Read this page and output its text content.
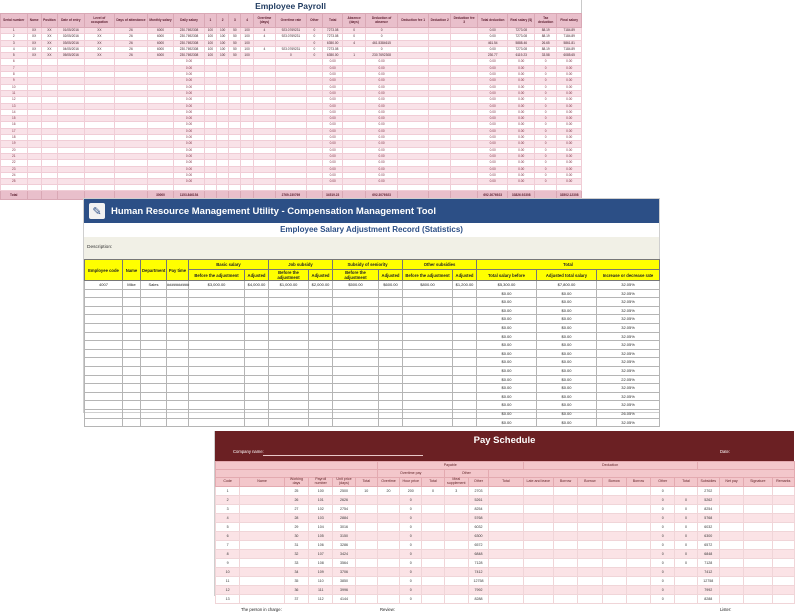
Employee Payroll
Serial number	Name	Position	Date of entry	Level of occupation	Days of attendance	Monthly salary	Daily salary	1	2	3	4	Overtime (days)	Overtime rate	Other	Total	Absence (days)	Deduction of absence	Deduction fee 1	Deduction 2	Deduction fee 3	Total deduction	Real salary ($)	Tax deduction	Final salary
1	XX	XX	01/05/2016	XX	26	6000	230.7692308	100	100	50	100	4	923.0769231	0	7273.08	0	0				0.00	7273.08	88.19	7184.89
2	XX	XX	02/05/2016	XX	26	6000	230.7692308	100	100	50	100	4	923.0769231	0	7273.08	0	0				0.00	7273.08	88.19	7184.89
3	XX	XX	03/05/2016	XX	26	6000	230.7692308	100	100	50	100			0	6350.00	4	461.5384615				461.54	5888.46	26.65	5861.81
4	XX	XX	04/05/2016	XX	26	6000	230.7692308	100	100	50	100	4	923.0769231	0	7273.08		0				0.00	7273.08	88.19	7184.89
5	XX	XX	05/05/2016	XX	26	6000	230.7692308	100	100	50	100		0	0	6350.00	1	230.7692308				230.77	6119.23	33.58	6085.65
6							0.00								0.00		0.00				0.00	0.00	0	0.00
7							0.00								0.00		0.00				0.00	0.00	0	0.00
8							0.00								0.00		0.00				0.00	0.00	0	0.00
9							0.00								0.00		0.00				0.00	0.00	0	0.00
10							0.00								0.00		0.00				0.00	0.00	0	0.00
11							0.00								0.00		0.00				0.00	0.00	0	0.00
12							0.00								0.00		0.00				0.00	0.00	0	0.00
13							0.00								0.00		0.00				0.00	0.00	0	0.00
14							0.00								0.00		0.00				0.00	0.00	0	0.00
15							0.00								0.00		0.00				0.00	0.00	0	0.00
16							0.00								0.00		0.00				0.00	0.00	0	0.00
17							0.00								0.00		0.00				0.00	0.00	0	0.00
18							0.00								0.00		0.00				0.00	0.00	0	0.00
19							0.00								0.00		0.00				0.00	0.00	0	0.00
20							0.00								0.00		0.00				0.00	0.00	0	0.00
21							0.00								0.00		0.00				0.00	0.00	0	0.00
22							0.00								0.00		0.00				0.00	0.00	0	0.00
23							0.00								0.00		0.00				0.00	0.00	0	0.00
24							0.00								0.00		0.00				0.00	0.00	0	0.00
25							0.00								0.00		0.00				0.00	0.00	0	0.00

Total						30000	1153.846154						2769.230769		34519.23		692.3076923				692.3076923	33826.92308		33502.12308
✎ Human Resource Management Utility - Compensation Management Tool
Employee Salary Adjustment Record (Statistics)
Description:
Employee code	Name	Department	Pay time	Basic salary		Job subsidy		Subsidy of seniority		Other subsidies		Total		
				Before the adjustment	Adjusted	Before the adjustment	Adjusted	Before the adjustment	Adjusted	Before the adjustment	Adjusted	Total salary before	Adjusted total salary	Increase or decrease rate
4007	Mike	Sales	##########	$3,000.00	$4,000.00	$1,000.00	$2,000.00	$500.00	$600.00	$800.00	$1,200.00	$5,300.00	$7,800.00	32.05%
												$0.00	$0.00	32.05%
												$0.00	$0.00	32.05%
												$0.00	$0.00	32.05%
												$0.00	$0.00	32.05%
												$0.00	$0.00	32.05%
												$0.00	$0.00	32.05%
												$0.00	$0.00	32.05%
												$0.00	$0.00	32.05%
												$0.00	$0.00	32.05%
												$0.00	$0.00	32.05%
												$0.00	$0.00	22.05%
												$0.00	$0.00	32.05%
												$0.00	$0.00	32.05%
												$0.00	$0.00	32.05%
												$0.00	$0.00	26.05%
												$0.00	$0.00	32.05%
Pay Schedule
Company name:	Date:
						Payable						Deduction										
						Overtime pay			Other													
Code	Name	Working days	Payroll number	Unit price (days)	Total	Overtime	Hour price	Total	Meal supplement	Other	Total	Late and leave	Borrow	Borrow	Borrow	Borrow	Other	Total	Subsidies	Net pay	Signature	Remarks
1		25	100	2500	10	20	200	0	3	2703							0		2702			
2		26	101	2626			0			5261							0	0	5262			
3		27	102	2754			0			8254							0	0	8254			
4		28	103	2884			0			5768							0	0	5768			
5		29	104	3016			0			6032							0	0	6032			
6		30	105	3150			0			6300							0	0	6300			
7		31	106	3286			0			6572							0	0	6572			
8		32	107	3424			0			6848							0	0	6848			
9		33	108	3564			0			7128							0	0	7128			
10		34	109	3706			0			7412							0		7412			
11		35	110	3850			0			12758							0		12758			
12		36	111	3996			0			7992							0		7992			
13		37	112	4144			0			8288							0		8288			
The person in charge:	Review:	Lister:
